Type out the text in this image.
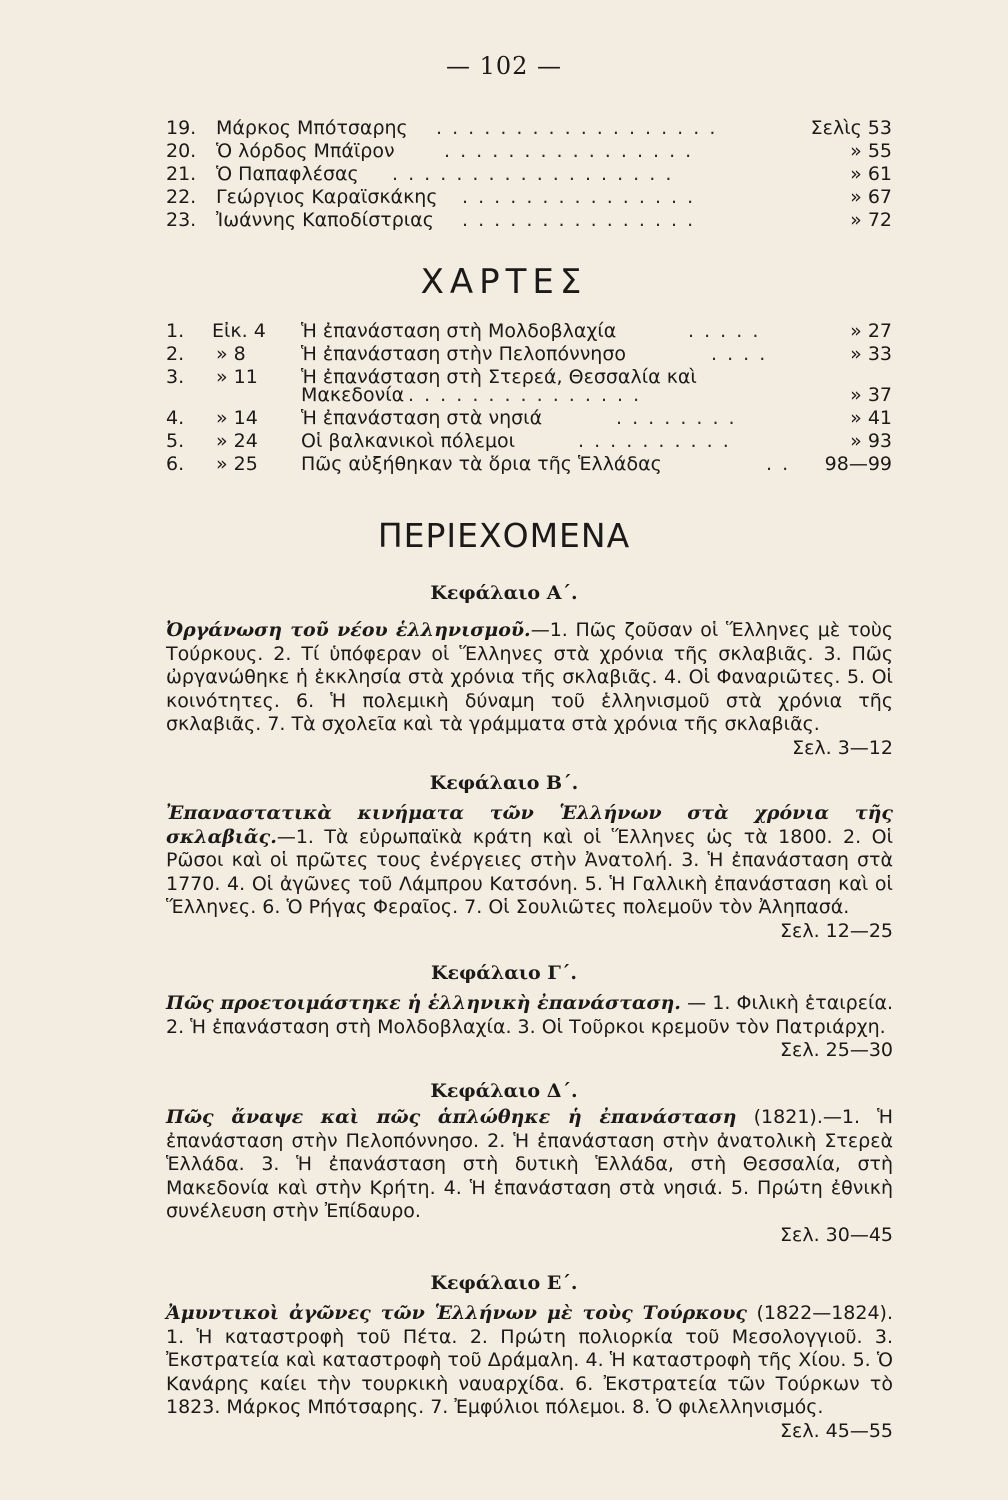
— 102 —
19. Μάρκος Μπότσαρης . . . . . . . . . . . . . . . . . .	Σελὶς 53
20. Ὁ λόρδος Μπάϊρον	. . . . . . . . . . . . . . . .	» 55
21. Ὁ Παπαφλέσας . . . . . . . . . . . . . . . . . .	» 61
22. Γεώργιος Καραϊσκάκης . . . . . . . . . . . . . . .	» 67
23. Ἰωάννης Καποδίστριας . . . . . . . . . . . . . . .	» 72
ΧΑΡΤΕΣ
1. Εἰκ. 4 Ἡ ἐπανάσταση στὴ Μολδοβλαχία	. . . . .	» 27
2. » 8	Ἡ ἐπανάσταση στὴν Πελοπόννησο	. . . .	» 33
3. » 11 Ἡ ἐπανάσταση στὴ Στερεά, Θεσσαλία καὶ
Μακεδονία . . . . . . . . . . . . . . .	» 37
4. » 14 Ἡ ἐπανάσταση στὰ νησιά	. . . . . . . .	» 41
5. » 24 Οἱ βαλκανικοὶ πόλεμοι	. . . . . . . . . .	» 93
6. » 25 Πῶς αὐξήθηκαν τὰ ὅρια τῆς Ἑλλάδας	. . 98—99
ΠΕΡΙΕΧΟΜΕΝΑ
Κεφάλαιο Α΄.
Ὀργάνωση τοῦ νέου ἑλληνισμοῦ.—1. Πῶς ζοῦσαν οἱ Ἕλληνες μὲ τοὺς Τούρκους. 2. Τί ὑπόφεραν οἱ Ἕλληνες στὰ χρόνια τῆς σκλαβιᾶς. 3. Πῶς ὠργανώθηκε ἡ ἐκκλησία στὰ χρόνια τῆς σκλαβιᾶς. 4. Οἱ Φαναριῶτες. 5. Οἱ κοινότητες. 6. Ἡ πολεμικὴ δύναμη τοῦ ἑλληνισμοῦ στὰ χρόνια τῆς σκλαβιᾶς. 7. Τὰ σχολεῖα καὶ τὰ γράμματα στὰ χρόνια τῆς σκλαβιᾶς.
Σελ. 3—12
Κεφάλαιο Β΄.
Ἐπαναστατικὰ κινήματα τῶν Ἑλλήνων στὰ χρόνια τῆς σκλαβιᾶς.—1. Τὰ εὐρωπαϊκὰ κράτη καὶ οἱ Ἕλληνες ὡς τὰ 1800. 2. Οἱ Ρῶσοι καὶ οἱ πρῶτες τους ἐνέργειες στὴν Ἀνατολή. 3. Ἡ ἐπανάσταση στὰ 1770. 4. Οἱ ἀγῶνες τοῦ Λάμπρου Κατσόνη. 5. Ἡ Γαλλικὴ ἐπανάσταση καὶ οἱ Ἕλληνες. 6. Ὁ Ρήγας Φεραῖος. 7. Οἱ Σουλιῶτες πολεμοῦν τὸν Ἀληπασά.
Σελ. 12—25
Κεφάλαιο Γ΄.
Πῶς προετοιμάστηκε ἡ ἑλληνικὴ ἐπανάσταση. — 1. Φιλικὴ ἑταιρεία. 2. Ἡ ἐπανάσταση στὴ Μολδοβλαχία. 3. Οἱ Τοῦρκοι κρεμοῦν τὸν Πατριάρχη.
Σελ. 25—30
Κεφάλαιο Δ΄.
Πῶς ἄναψε καὶ πῶς ἁπλώθηκε ἡ ἐπανάσταση (1821).—1. Ἡ ἐπανάσταση στὴν Πελοπόννησο. 2. Ἡ ἐπανάσταση στὴν ἀνατολικὴ Στερεὰ Ἑλλάδα. 3. Ἡ ἐπανάσταση στὴ δυτικὴ Ἑλλάδα, στὴ Θεσσαλία, στὴ Μακεδονία καὶ στὴν Κρήτη. 4. Ἡ ἐπανάσταση στὰ νησιά. 5. Πρώτη ἐθνικὴ συνέλευση στὴν Ἐπίδαυρο.
Σελ. 30—45
Κεφάλαιο Ε΄.
Ἀμυντικοὶ ἀγῶνες τῶν Ἑλλήνων μὲ τοὺς Τούρκους (1822—1824). 1. Ἡ καταστροφὴ τοῦ Πέτα. 2. Πρώτη πολιορκία τοῦ Μεσολογγιοῦ. 3. Ἐκστρατεία καὶ καταστροφὴ τοῦ Δράμαλη. 4. Ἡ καταστροφὴ τῆς Χίου. 5. Ὁ Κανάρης καίει τὴν τουρκικὴ ναυαρχίδα. 6. Ἐκστρατεία τῶν Τούρκων τὸ 1823. Μάρκος Μπότσαρης. 7. Ἐμφύλιοι πόλεμοι. 8. Ὁ φιλελληνισμός.
Σελ. 45—55
